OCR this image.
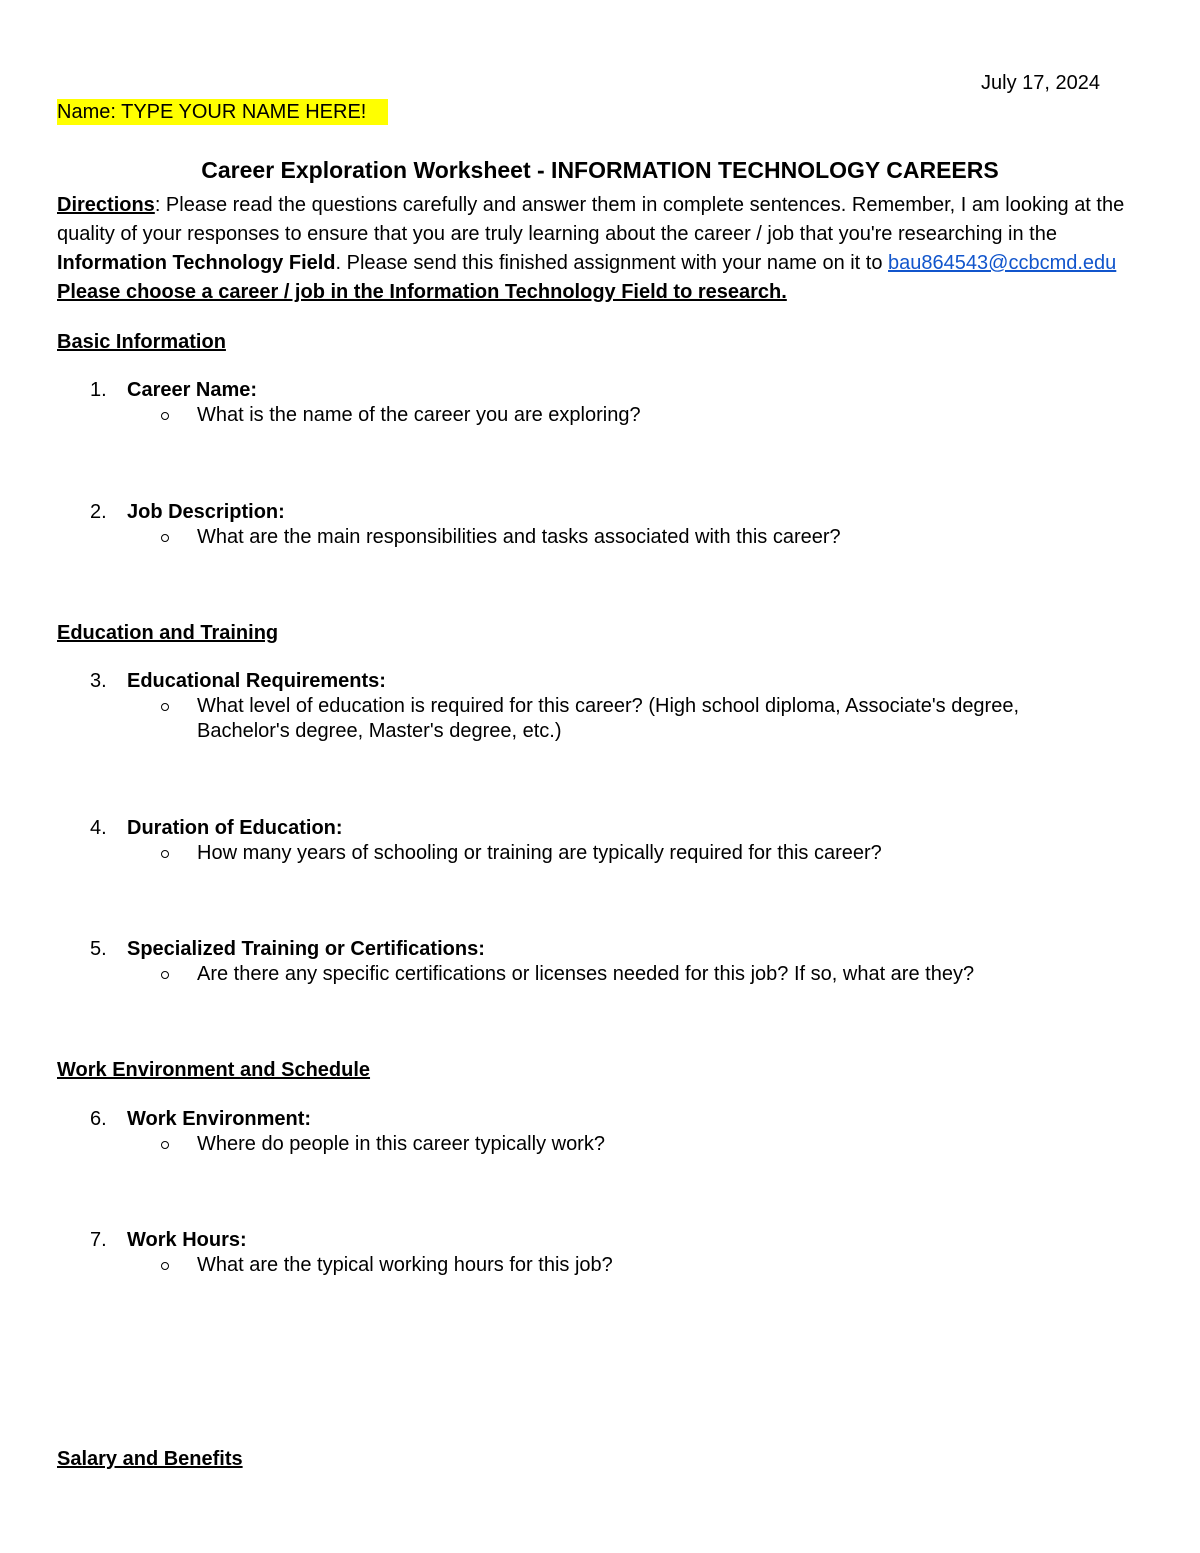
July 17, 2024
Name: TYPE YOUR NAME HERE!
Career Exploration Worksheet - INFORMATION TECHNOLOGY CAREERS
Directions: Please read the questions carefully and answer them in complete sentences. Remember, I am looking at the quality of your responses to ensure that you are truly learning about the career / job that you're researching in the Information Technology Field. Please send this finished assignment with your name on it to bau864543@ccbcmd.edu Please choose a career / job in the Information Technology Field to research.
Basic Information
1. Career Name:
What is the name of the career you are exploring?
2. Job Description:
What are the main responsibilities and tasks associated with this career?
Education and Training
3. Educational Requirements:
What level of education is required for this career? (High school diploma, Associate's degree, Bachelor's degree, Master's degree, etc.)
4. Duration of Education:
How many years of schooling or training are typically required for this career?
5. Specialized Training or Certifications:
Are there any specific certifications or licenses needed for this job? If so, what are they?
Work Environment and Schedule
6. Work Environment:
Where do people in this career typically work?
7. Work Hours:
What are the typical working hours for this job?
Salary and Benefits
